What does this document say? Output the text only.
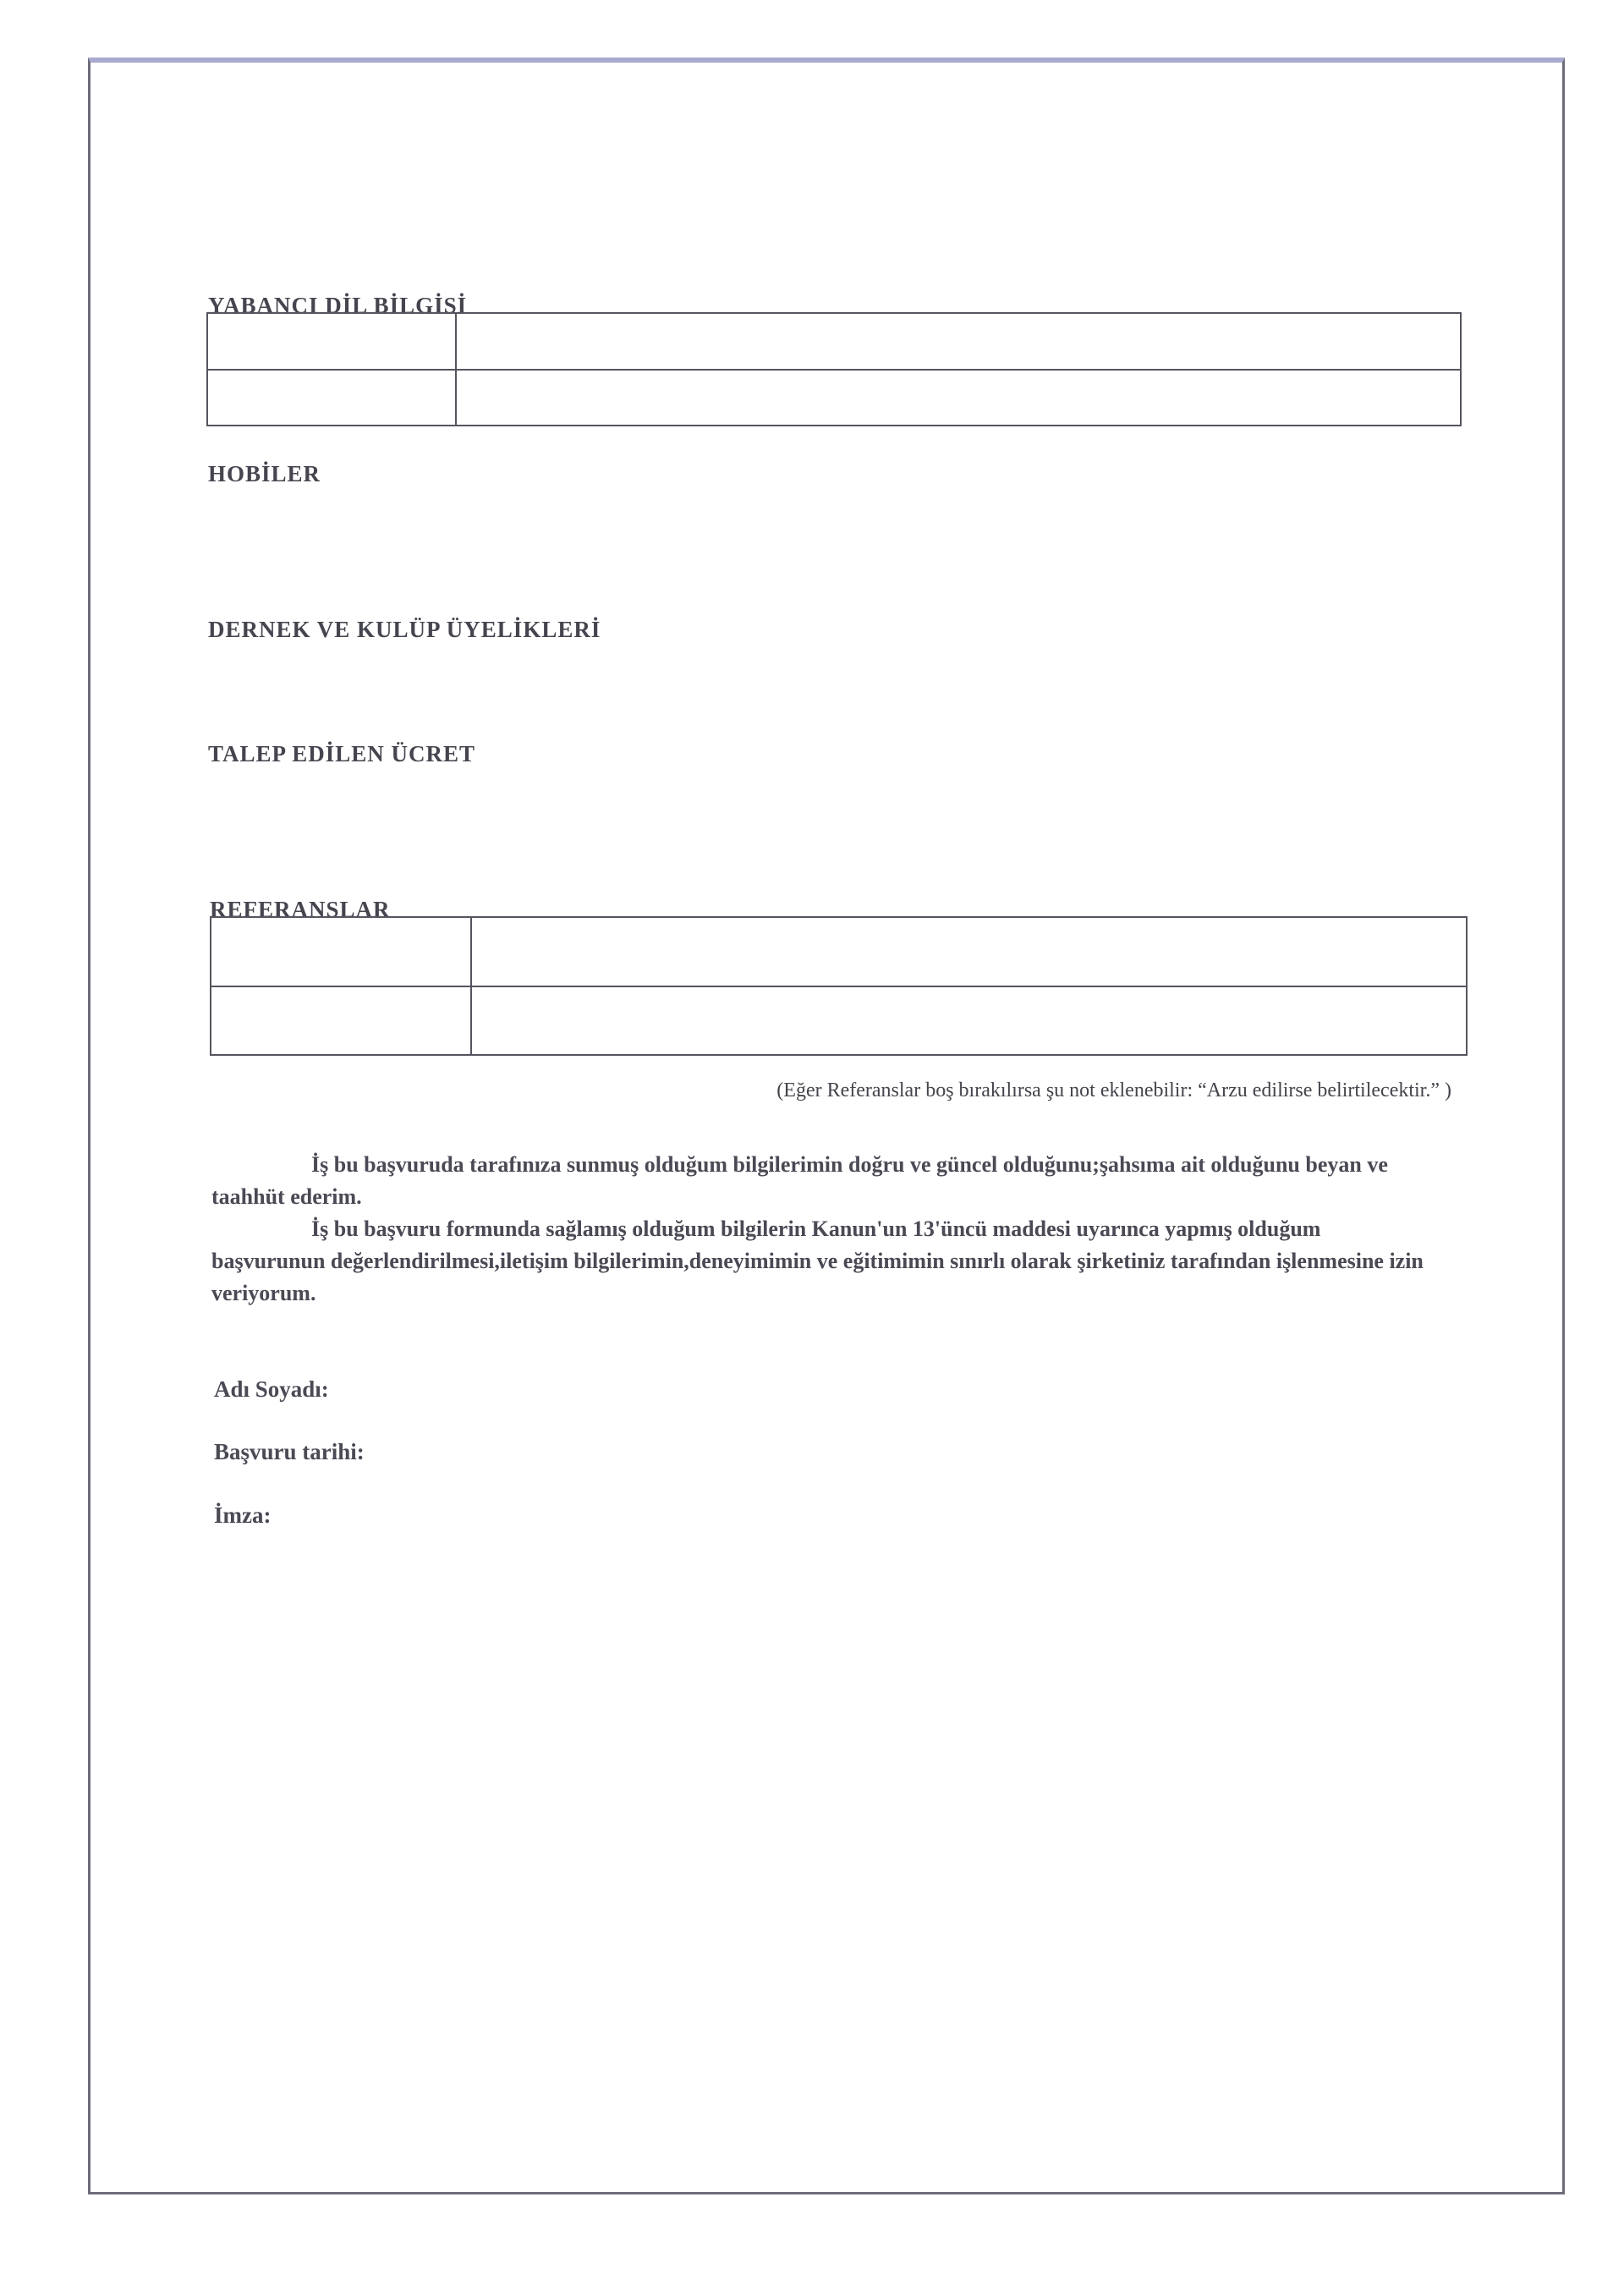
YABANCI DİL BİLGİSİ

HOBİLER
DERNEK VE KULÜP ÜYELİKLERİ
TALEP EDİLEN ÜCRET
REFERANSLAR

(Eğer Referanslar boş bırakılırsa şu not eklenebilir: “Arzu edilirse belirtilecektir.” )
İş bu başvuruda tarafınıza sunmuş olduğum bilgilerimin doğru ve güncel olduğunu;şahsıma ait olduğunu beyan ve taahhüt ederim.
İş bu başvuru formunda sağlamış olduğum bilgilerin Kanun'un 13'üncü maddesi uyarınca yapmış olduğum başvurunun değerlendirilmesi,iletişim bilgilerimin,deneyimimin ve eğitimimin sınırlı olarak şirketiniz tarafından işlenmesine izin veriyorum.
Adı Soyadı:
Başvuru tarihi:
İmza:
